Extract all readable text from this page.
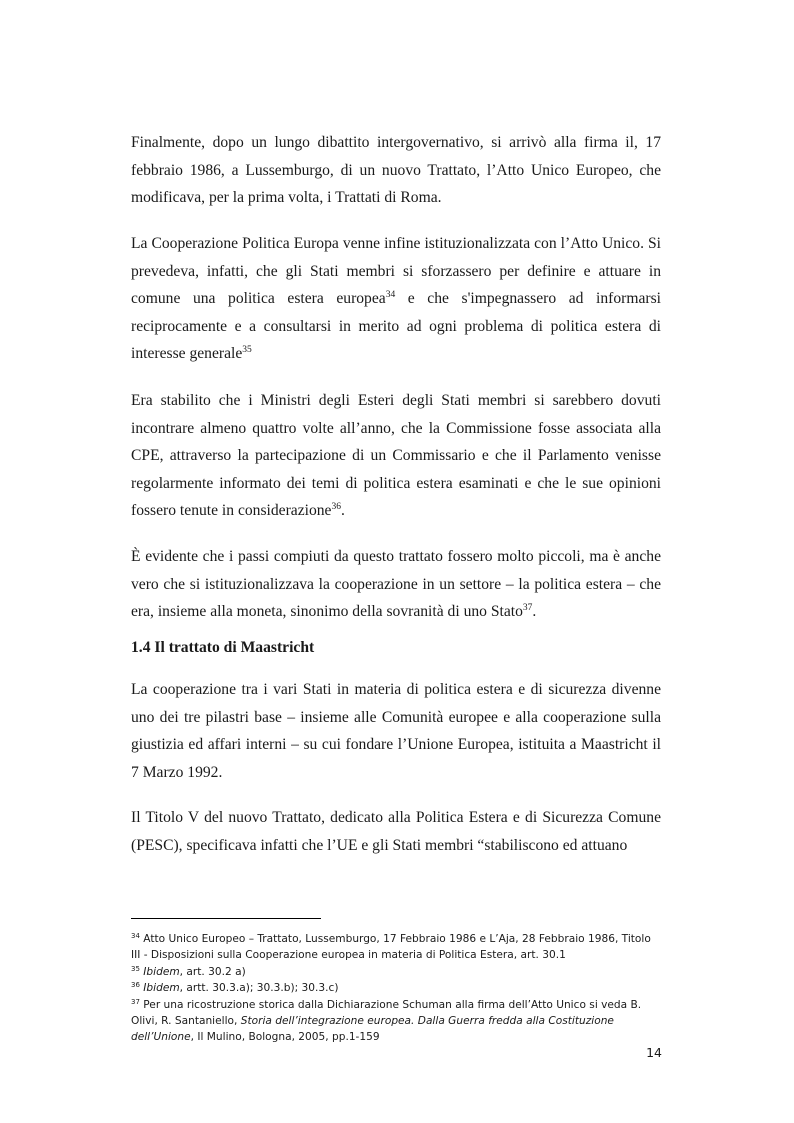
Finalmente, dopo un lungo dibattito intergovernativo, si arrivò alla firma il, 17 febbraio 1986, a Lussemburgo, di un nuovo Trattato, l’Atto Unico Europeo, che modificava, per la prima volta, i Trattati di Roma.

La Cooperazione Politica Europa venne infine istituzionalizzata con l’Atto Unico. Si prevedeva, infatti, che gli Stati membri si sforzassero per definire e attuare in comune una politica estera europea$^{34}$ e che s'impegnassero ad informarsi reciprocamente e a consultarsi in merito ad ogni problema di politica estera di interesse generale$^{35}$

Era stabilito che i Ministri degli Esteri degli Stati membri si sarebbero dovuti incontrare almeno quattro volte all’anno, che la Commissione fosse associata alla CPE, attraverso la partecipazione di un Commissario e che il Parlamento venisse regolarmente informato dei temi di politica estera esaminati e che le sue opinioni fossero tenute in considerazione$^{36}$.

È evidente che i passi compiuti da questo trattato fossero molto piccoli, ma è anche vero che si istituzionalizzava la cooperazione in un settore – la politica estera – che era, insieme alla moneta, sinonimo della sovranità di uno Stato$^{37}$.

1.4 Il trattato di Maastricht

La cooperazione tra i vari Stati in materia di politica estera e di sicurezza divenne uno dei tre pilastri base – insieme alle Comunità europee e alla cooperazione sulla giustizia ed affari interni – su cui fondare l’Unione Europea, istituita a Maastricht il 7 Marzo 1992.

Il Titolo V del nuovo Trattato, dedicato alla Politica Estera e di Sicurezza Comune (PESC), specificava infatti che l’UE e gli Stati membri “stabiliscono ed attuano

$^{34}$ Atto Unico Europeo – Trattato, Lussemburgo, 17 Febbraio 1986 e L’Aja, 28 Febbraio 1986, Titolo III - Disposizioni sulla Cooperazione europea in materia di Politica Estera, art. 30.1

$^{35}$ Ibidem, art. 30.2 a)

$^{36}$ Ibidem, artt. 30.3.a); 30.3.b); 30.3.c)

$^{37}$ Per una ricostruzione storica dalla Dichiarazione Schuman alla firma dell’Atto Unico si veda B. Olivi, R. Santaniello, Storia dell’integrazione europea. Dalla Guerra fredda alla Costituzione dell’Unione, Il Mulino, Bologna, 2005, pp.1-159

14
